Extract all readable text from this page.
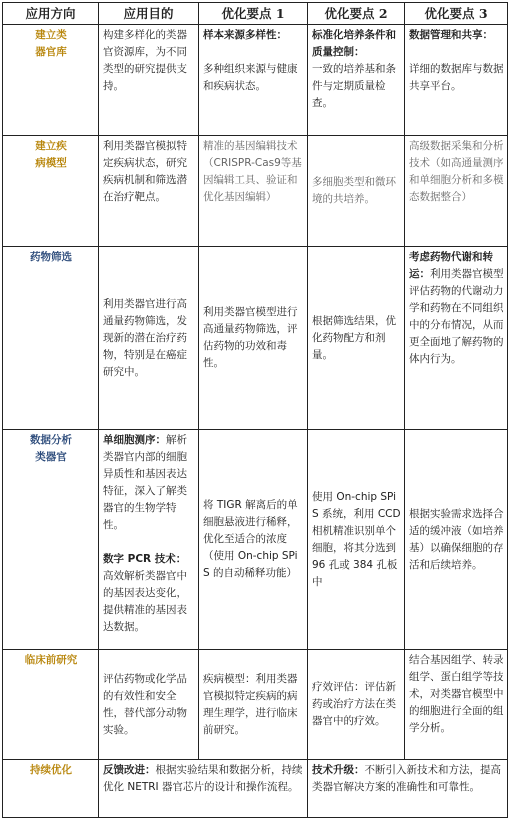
应用方向	应用目的	优化要点 1	优化要点 2	优化要点 3

建立类
器官库	构建多样化的类器官资源库，为不同类型的研究提供支持。	样本来源多样性：

多种组织来源与健康和疾病状态。	标准化培养条件和质量控制：
一致的培养基和条件与定期质量检查。	数据管理和共享：

详细的数据库与数据共享平台。

建立疾
病模型	利用类器官模拟特定疾病状态，研究疾病机制和筛选潜在治疗靶点。	精准的基因编辑技术（CRISPR-Cas9等基因编辑工具、验证和优化基因编辑）	多细胞类型和微环境的共培养。	高级数据采集和分析技术（如高通量测序和单细胞分析和多模态数据整合）

药物筛选	利用类器官进行高通量药物筛选，发现新的潜在治疗药物，特别是在癌症研究中。	利用类器官模型进行高通量药物筛选，评估药物的功效和毒性。	根据筛选结果，优化药物配方和剂量。	考虑药物代谢和转运：利用类器官模型评估药物的代谢动力学和药物在不同组织中的分布情况，从而更全面地了解药物的体内行为。

数据分析
类器官	单细胞测序：解析类器官内部的细胞异质性和基因表达特征，深入了解类器官的生物学特性。

数字 PCR 技术：高效解析类器官中的基因表达变化，提供精准的基因表达数据。	将 TIGR 解离后的单细胞悬液进行稀释，优化至适合的浓度（使用 On-chip SPiS 的自动稀释功能）	使用 On-chip SPiS 系统，利用 CCD 相机精准识别单个细胞，将其分选到 96 孔或 384 孔板中	根据实验需求选择合适的缓冲液（如培养基）以确保细胞的存活和后续培养。

临床前研究	评估药物或化学品的有效性和安全性，替代部分动物实验。	疾病模型：利用类器官模拟特定疾病的病理生理学，进行临床前研究。	疗效评估：评估新药或治疗方法在类器官中的疗效。	结合基因组学、转录组学、蛋白组学等技术，对类器官模型中的细胞进行全面的组学分析。

持续优化	反馈改进：根据实验结果和数据分析，持续优化 NETRI 器官芯片的设计和操作流程。		技术升级：不断引入新技术和方法，提高类器官解决方案的准确性和可靠性。	
